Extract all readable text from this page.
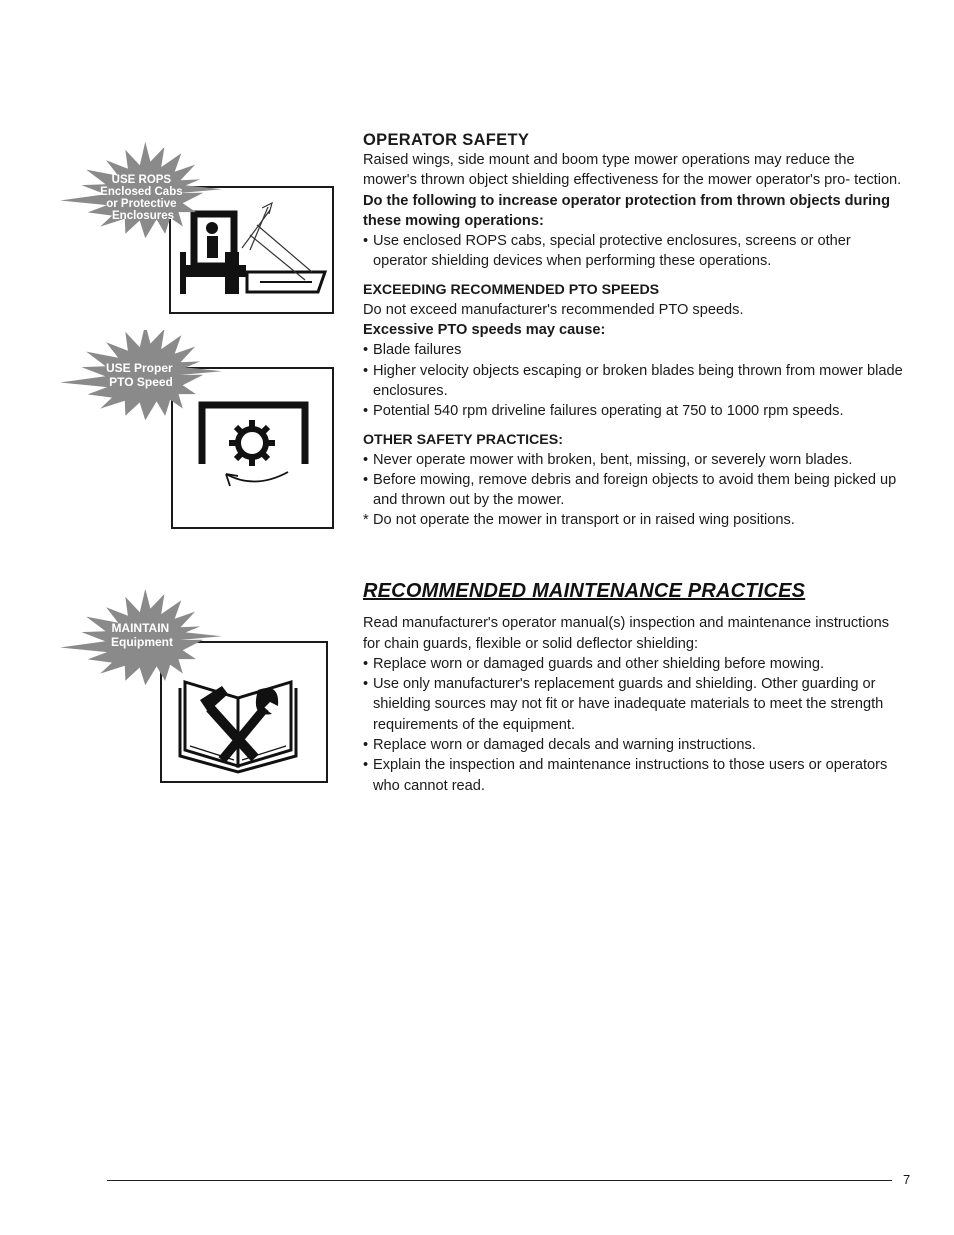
USE ROPS Enclosed Cabs or Protective Enclosures
USE Proper PTO Speed
MAINTAIN Equipment

OPERATOR SAFETY

Raised wings, side mount and boom type mower operations may reduce the mower's thrown object shielding effectiveness for the mower operator's pro- tection.

Do the following to increase operator protection from thrown objects during these mowing operations:

• Use enclosed ROPS cabs, special protective enclosures, screens or other operator shielding devices when performing these operations.

EXCEEDING RECOMMENDED PTO SPEEDS

Do not exceed manufacturer's recommended PTO speeds.

Excessive PTO speeds may cause:

• Blade failures
• Higher velocity objects escaping or broken blades being thrown from mower blade enclosures.
• Potential 540 rpm driveline failures operating at 750 to 1000 rpm speeds.

OTHER SAFETY PRACTICES:

• Never operate mower with broken, bent, missing, or severely worn blades.
• Before mowing, remove debris and foreign objects to avoid them being picked up and thrown out by the mower.
* Do not operate the mower in transport or in raised wing positions.

RECOMMENDED MAINTENANCE PRACTICES

Read manufacturer's operator manual(s) inspection and maintenance instructions for chain guards, flexible or solid deflector shielding:

• Replace worn or damaged guards and other shielding before mowing.
• Use only manufacturer's replacement guards and shielding. Other guarding or shielding sources may not fit or have inadequate materials to meet the strength requirements of the equipment.
• Replace worn or damaged decals and warning instructions.
• Explain the inspection and maintenance instructions to those users or operators who cannot read.
7
